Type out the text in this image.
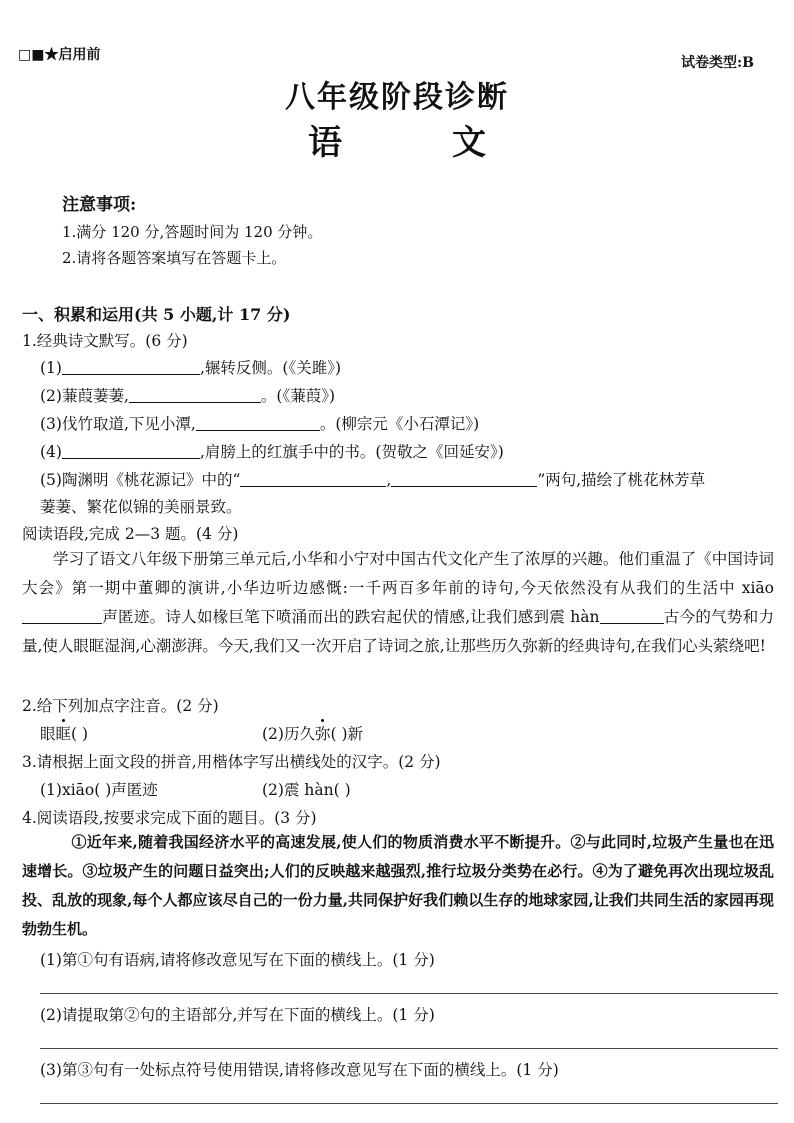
□■★启用前	试卷类型:B
八年级阶段诊断
语	文
注意事项:
1.满分 120 分,答题时间为 120 分钟。
2.请将各题答案填写在答题卡上。
一、积累和运用(共 5 小题,计 17 分)
1.经典诗文默写。(6 分)
(1)	,辗转反侧。(《关雎》)
(2)蒹葭萋萋,	。(《蒹葭》)
(3)伐竹取道,下见小潭,	。(柳宗元《小石潭记》)
(4)	,肩膀上的红旗手中的书。(贺敬之《回延安》)
(5)陶渊明《桃花源记》中的“	,	”两句,描绘了桃花林芳草
萋萋、繁花似锦的美丽景致。
阅读语段,完成 2—3 题。(4 分)
学习了语文八年级下册第三单元后,小华和小宁对中国古代文化产生了浓厚的兴趣。他们重温了《中国诗词大会》第一期中董卿的演讲,小华边听边感慨:一千两百多年前的诗句,今天依然没有从我们的生活中 xiāo声匿迹。诗人如椽巨笔下喷涌而出的跌宕起伏的情感,让我们感到震 hàn	古今的气势和力量,使人眼眶湿润,心潮澎湃。今天,我们又一次开启了诗词之旅,让那些历久弥新的经典诗句,在我们心头萦绕吧!
2.给下列加点字注音。(2 分)
眼眶( )	(2)历久弥( )新
3.请根据上面文段的拼音,用楷体字写出横线处的汉字。(2 分)
(1)xiāo( )声匿迹	(2)震 hàn( )
4.阅读语段,按要求完成下面的题目。(3 分)
①近年来,随着我国经济水平的高速发展,使人们的物质消费水平不断提升。②与此同时,垃圾产生量也在迅速增长。③垃圾产生的问题日益突出;人们的反映越来越强烈,推行垃圾分类势在必行。④为了避免再次出现垃圾乱投、乱放的现象,每个人都应该尽自己的一份力量,共同保护好我们赖以生存的地球家园,让我们共同生活的家园再现勃勃生机。
(1)第①句有语病,请将修改意见写在下面的横线上。(1 分)
(2)请提取第②句的主语部分,并写在下面的横线上。(1 分)
(3)第③句有一处标点符号使用错误,请将修改意见写在下面的横线上。(1 分)
